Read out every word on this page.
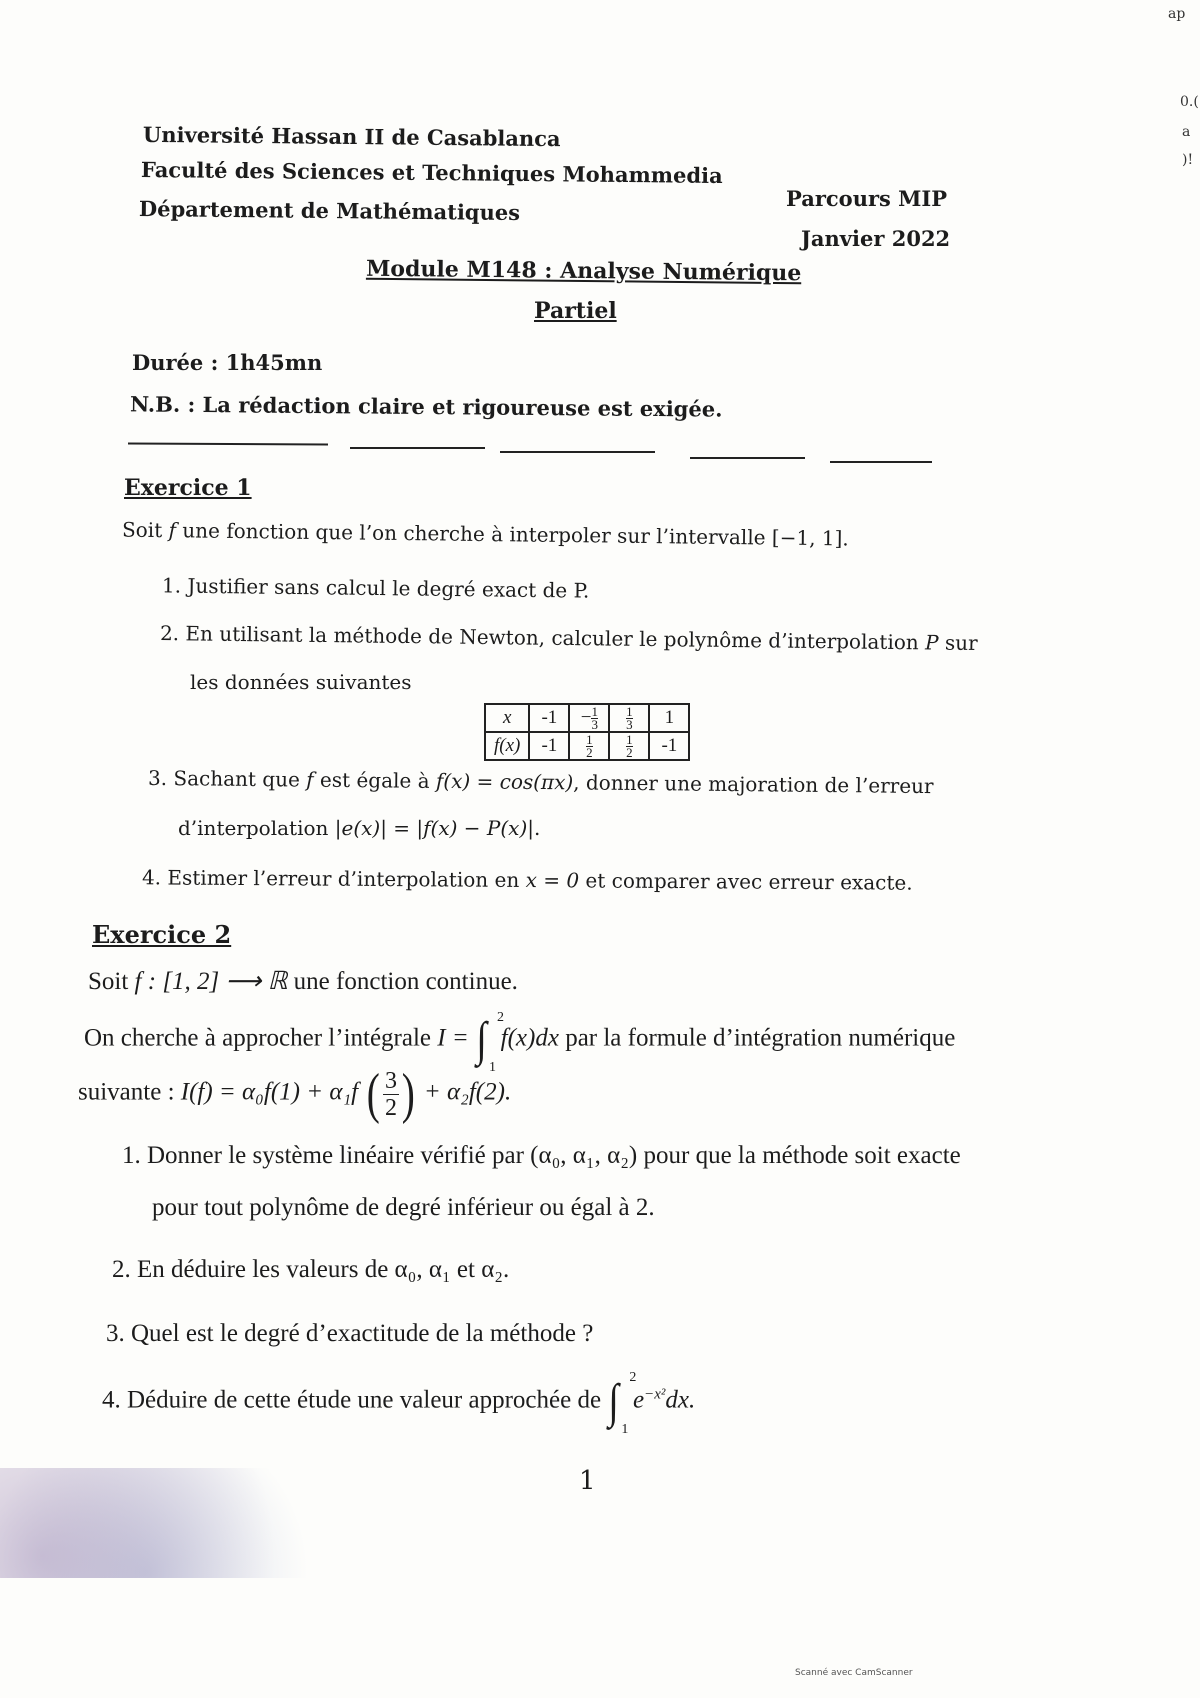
Université Hassan II de Casablanca
Faculté des Sciences et Techniques Mohammedia
Département de Mathématiques	Parcours MIP
Janvier 2022
Module M148 : Analyse Numérique
Partiel
Durée : 1h45mn
N.B. : La rédaction claire et rigoureuse est exigée.
Exercice 1
Soit f une fonction que l’on cherche à interpoler sur l’intervalle [−1, 1].
1. Justifier sans calcul le degré exact de P.
2. En utilisant la méthode de Newton, calculer le polynôme d’interpolation P sur
les données suivantes
x	-1	− $\frac{1}{3}$	$\frac{1}{3}$	1
f(x)	-1	$\frac{1}{2}$	$\frac{1}{2}$	-1
3. Sachant que f est égale à f(x) = cos(πx), donner une majoration de l’erreur
d’interpolation |e(x)| = |f(x) − P(x)|.
4. Estimer l’erreur d’interpolation en x = 0 et comparer avec erreur exacte.
Exercice 2
Soit f : [1, 2] ⟶ ℝ une fonction continue.
On cherche à approcher l’intégrale I = ∫ 2
1
f(x)dx par la formule d’intégration numérique
suivante : I(f) = α₀f(1) + α₁f ( $\frac{3}{2}$ ) + α₂f(2).
1. Donner le système linéaire vérifié par (α₀, α₁, α₂) pour que la méthode soit exacte
pour tout polynôme de degré inférieur ou égal à 2.
2. En déduire les valeurs de α₀, α₁ et α₂.
3. Quel est le degré d’exactitude de la méthode ?
4. Déduire de cette étude une valeur approchée de ∫ 2
1
$e^{-x^2}dx$.
1
Scanné avec CamScanner
ap
0.(
a
)!
